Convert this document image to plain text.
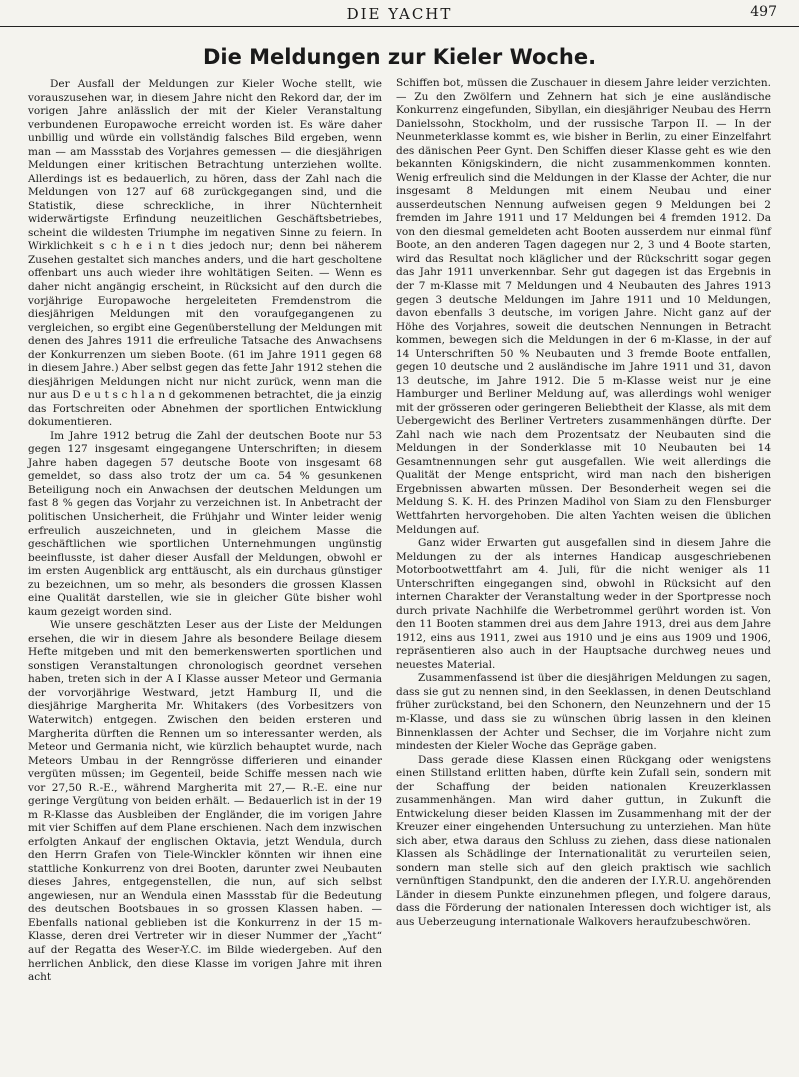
DIE YACHT	497
Die Meldungen zur Kieler Woche.

Der Ausfall der Meldungen zur Kieler Woche stellt, wie vorauszusehen war, in diesem Jahre nicht den Rekord dar, der im vorigen Jahre anlässlich der mit der Kieler Veranstaltung verbundenen Europawoche erreicht worden ist. Es wäre daher unbillig und würde ein vollständig falsches Bild ergeben, wenn man — am Massstab des Vorjahres gemessen — die diesjährigen Meldungen einer kritischen Betrachtung unterziehen wollte. Allerdings ist es bedauerlich, zu hören, dass der Zahl nach die Meldungen von 127 auf 68 zurückgegangen sind, und die Statistik, diese schreckliche, in ihrer Nüchternheit widerwärtigste Erfindung neuzeitlichen Geschäftsbetriebes, scheint die wildesten Triumphe im negativen Sinne zu feiern. In Wirklichkeit s c h e i n t dies jedoch nur; denn bei näherem Zusehen gestaltet sich manches anders, und die hart gescholtene offenbart uns auch wieder ihre wohltätigen Seiten. — Wenn es daher nicht angängig erscheint, in Rücksicht auf den durch die vorjährige Europawoche hergeleiteten Fremdenstrom die diesjährigen Meldungen mit den voraufgegangenen zu vergleichen, so ergibt eine Gegenüberstellung der Meldungen mit denen des Jahres 1911 die erfreuliche Tatsache des Anwachsens der Konkurrenzen um sieben Boote. (61 im Jahre 1911 gegen 68 in diesem Jahre.) Aber selbst gegen das fette Jahr 1912 stehen die diesjährigen Meldungen nicht nur nicht zurück, wenn man die nur aus D e u t s c h l a n d gekommenen betrachtet, die ja einzig das Fortschreiten oder Abnehmen der sportlichen Entwicklung dokumentieren.

Im Jahre 1912 betrug die Zahl der deutschen Boote nur 53 gegen 127 insgesamt eingegangene Unterschriften; in diesem Jahre haben dagegen 57 deutsche Boote von insgesamt 68 gemeldet, so dass also trotz der um ca. 54 % gesunkenen Beteiligung noch ein Anwachsen der deutschen Meldungen um fast 8 % gegen das Vorjahr zu verzeichnen ist. In Anbetracht der politischen Unsicherheit, die Frühjahr und Winter leider wenig erfreulich auszeichneten, und in gleichem Masse die geschäftlichen wie sportlichen Unternehmungen ungünstig beeinflusste, ist daher dieser Ausfall der Meldungen, obwohl er im ersten Augenblick arg enttäuscht, als ein durchaus günstiger zu bezeichnen, um so mehr, als besonders die grossen Klassen eine Qualität darstellen, wie sie in gleicher Güte bisher wohl kaum gezeigt worden sind.

Wie unsere geschätzten Leser aus der Liste der Meldungen ersehen, die wir in diesem Jahre als besondere Beilage diesem Hefte mitgeben und mit den bemerkenswerten sportlichen und sonstigen Veranstaltungen chronologisch geordnet versehen haben, treten sich in der A I Klasse ausser Meteor und Germania der vorvorjährige Westward, jetzt Hamburg II, und die diesjährige Margherita Mr. Whitakers (des Vorbesitzers von Waterwitch) entgegen. Zwischen den beiden ersteren und Margherita dürften die Rennen um so interessanter werden, als Meteor und Germania nicht, wie kürzlich behauptet wurde, nach Meteors Umbau in der Renngrösse differieren und einander vergüten müssen; im Gegenteil, beide Schiffe messen nach wie vor 27,50 R.-E., während Margherita mit 27,— R.-E. eine nur geringe Vergütung von beiden erhält. — Bedauerlich ist in der 19 m R-Klasse das Ausbleiben der Engländer, die im vorigen Jahre mit vier Schiffen auf dem Plane erschienen. Nach dem inzwischen erfolgten Ankauf der englischen Oktavia, jetzt Wendula, durch den Herrn Grafen von Tiele-Winckler könnten wir ihnen eine stattliche Konkurrenz von drei Booten, darunter zwei Neubauten dieses Jahres, entgegenstellen, die nun, auf sich selbst angewiesen, nur an Wendula einen Massstab für die Bedeutung des deutschen Bootsbaues in so grossen Klassen haben. — Ebenfalls national geblieben ist die Konkurrenz in der 15 m-Klasse, deren drei Vertreter wir in dieser Nummer der „Yacht“ auf der Regatta des Weser-Y.C. im Bilde wiedergeben. Auf den herrlichen Anblick, den diese Klasse im vorigen Jahre mit ihren acht

Schiffen bot, müssen die Zuschauer in diesem Jahre leider verzichten. — Zu den Zwölfern und Zehnern hat sich je eine ausländische Konkurrenz eingefunden, Sibyllan, ein diesjähriger Neubau des Herrn Danielssohn, Stockholm, und der russische Tarpon II. — In der Neunmeterklasse kommt es, wie bisher in Berlin, zu einer Einzelfahrt des dänischen Peer Gynt. Den Schiffen dieser Klasse geht es wie den bekannten Königskindern, die nicht zusammenkommen konnten. Wenig erfreulich sind die Meldungen in der Klasse der Achter, die nur insgesamt 8 Meldungen mit einem Neubau und einer ausserdeutschen Nennung aufweisen gegen 9 Meldungen bei 2 fremden im Jahre 1911 und 17 Meldungen bei 4 fremden 1912. Da von den diesmal gemeldeten acht Booten ausserdem nur einmal fünf Boote, an den anderen Tagen dagegen nur 2, 3 und 4 Boote starten, wird das Resultat noch kläglicher und der Rückschritt sogar gegen das Jahr 1911 unverkennbar. Sehr gut dagegen ist das Ergebnis in der 7 m-Klasse mit 7 Meldungen und 4 Neubauten des Jahres 1913 gegen 3 deutsche Meldungen im Jahre 1911 und 10 Meldungen, davon ebenfalls 3 deutsche, im vorigen Jahre. Nicht ganz auf der Höhe des Vorjahres, soweit die deutschen Nennungen in Betracht kommen, bewegen sich die Meldungen in der 6 m-Klasse, in der auf 14 Unterschriften 50 % Neubauten und 3 fremde Boote entfallen, gegen 10 deutsche und 2 ausländische im Jahre 1911 und 31, davon 13 deutsche, im Jahre 1912. Die 5 m-Klasse weist nur je eine Hamburger und Berliner Meldung auf, was allerdings wohl weniger mit der grösseren oder geringeren Beliebtheit der Klasse, als mit dem Uebergewicht des Berliner Vertreters zusammenhängen dürfte. Der Zahl nach wie nach dem Prozentsatz der Neubauten sind die Meldungen in der Sonderklasse mit 10 Neubauten bei 14 Gesamtnennungen sehr gut ausgefallen. Wie weit allerdings die Qualität der Menge entspricht, wird man nach den bisherigen Ergebnissen abwarten müssen. Der Besonderheit wegen sei die Meldung S. K. H. des Prinzen Madihol von Siam zu den Flensburger Wettfahrten hervorgehoben. Die alten Yachten weisen die üblichen Meldungen auf.

Ganz wider Erwarten gut ausgefallen sind in diesem Jahre die Meldungen zu der als internes Handicap ausgeschriebenen Motorbootwettfahrt am 4. Juli, für die nicht weniger als 11 Unterschriften eingegangen sind, obwohl in Rücksicht auf den internen Charakter der Veranstaltung weder in der Sportpresse noch durch private Nachhilfe die Werbetrommel gerührt worden ist. Von den 11 Booten stammen drei aus dem Jahre 1913, drei aus dem Jahre 1912, eins aus 1911, zwei aus 1910 und je eins aus 1909 und 1906, repräsentieren also auch in der Hauptsache durchweg neues und neuestes Material.

Zusammenfassend ist über die diesjährigen Meldungen zu sagen, dass sie gut zu nennen sind, in den Seeklassen, in denen Deutschland früher zurückstand, bei den Schonern, den Neunzehnern und der 15 m-Klasse, und dass sie zu wünschen übrig lassen in den kleinen Binnenklassen der Achter und Sechser, die im Vorjahre nicht zum mindesten der Kieler Woche das Gepräge gaben.

Dass gerade diese Klassen einen Rückgang oder wenigstens einen Stillstand erlitten haben, dürfte kein Zufall sein, sondern mit der Schaffung der beiden nationalen Kreuzerklassen zusammenhängen. Man wird daher guttun, in Zukunft die Entwickelung dieser beiden Klassen im Zusammenhang mit der der Kreuzer einer eingehenden Untersuchung zu unterziehen. Man hüte sich aber, etwa daraus den Schluss zu ziehen, dass diese nationalen Klassen als Schädlinge der Internationalität zu verurteilen seien, sondern man stelle sich auf den gleich praktisch wie sachlich vernünftigen Standpunkt, den die anderen der I.Y.R.U. angehörenden Länder in diesem Punkte einzunehmen pflegen, und folgere daraus, dass die Förderung der nationalen Interessen doch wichtiger ist, als aus Ueberzeugung internationale Walkovers heraufzubeschwören.
